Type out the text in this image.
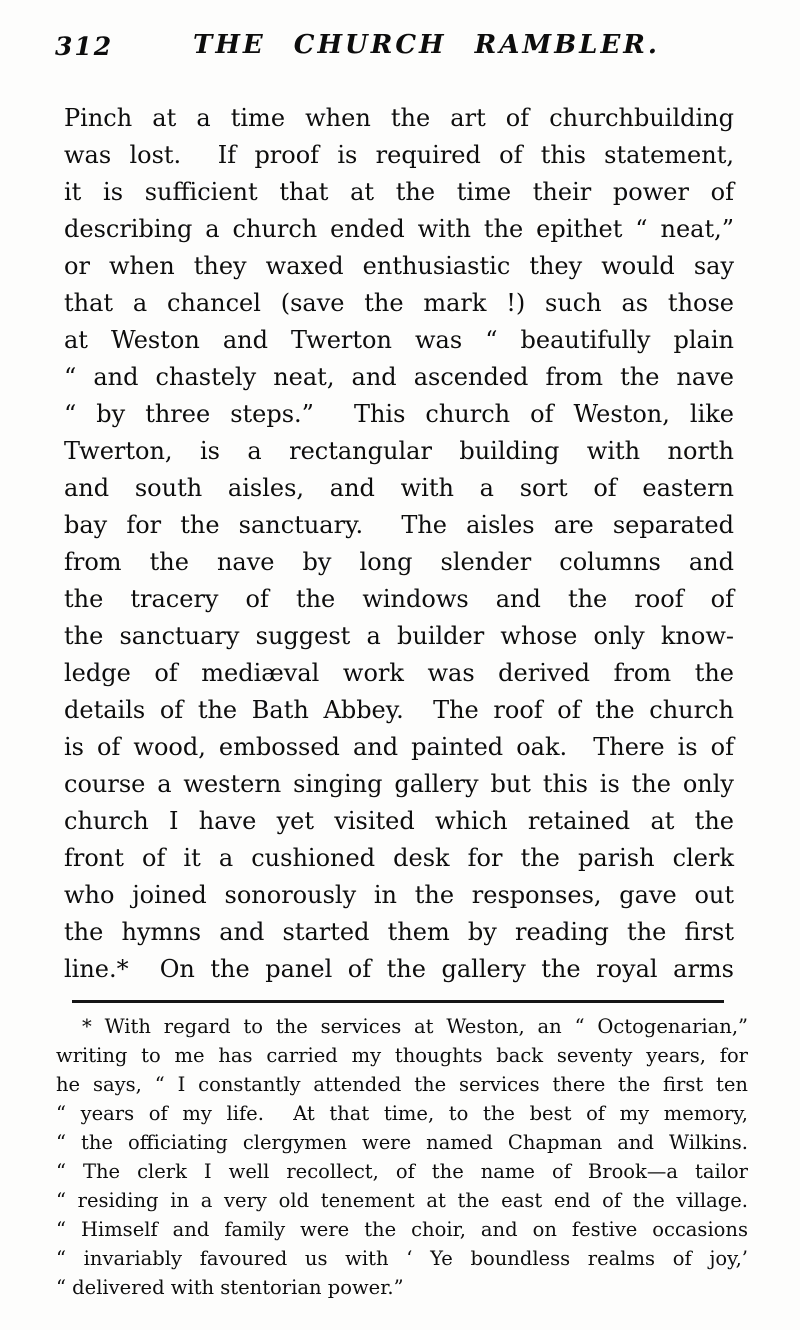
312	THE CHURCH RAMBLER.
Pinch at a time when the art of churchbuilding
was lost.  If proof is required of this statement,
it is sufficient that at the time their power of
describing a church ended with the epithet “ neat,”
or when they waxed enthusiastic they would say
that a chancel (save the mark !) such as those
at Weston and Twerton was “ beautifully plain
“ and chastely neat, and ascended from the nave
“ by three steps.”  This church of Weston, like
Twerton, is a rectangular building with north
and south aisles, and with a sort of eastern
bay for the sanctuary.  The aisles are separated
from the nave by long slender columns and
the tracery of the windows and the roof of
the sanctuary suggest a builder whose only know-
ledge of mediæval work was derived from the
details of the Bath Abbey.  The roof of the church
is of wood, embossed and painted oak.  There is of
course a western singing gallery but this is the only
church I have yet visited which retained at the
front of it a cushioned desk for the parish clerk
who joined sonorously in the responses, gave out
the hymns and started them by reading the first
line.*  On the panel of the gallery the royal arms
* With regard to the services at Weston, an “ Octogenarian,”
writing to me has carried my thoughts back seventy years, for
he says, “ I constantly attended the services there the first ten
“ years of my life.  At that time, to the best of my memory,
“ the officiating clergymen were named Chapman and Wilkins.
“ The clerk I well recollect, of the name of Brook—a tailor
“ residing in a very old tenement at the east end of the village.
“ Himself and family were the choir, and on festive occasions
“ invariably favoured us with ‘ Ye boundless realms of joy,’
“ delivered with stentorian power.”
